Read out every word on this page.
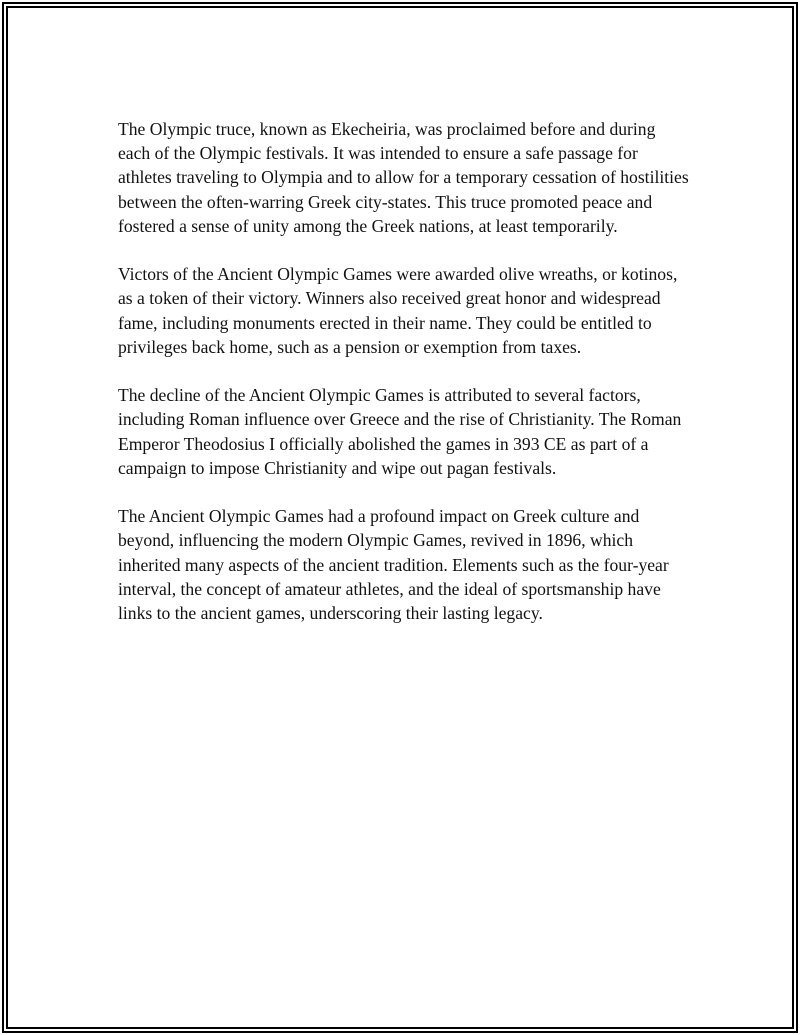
The Olympic truce, known as Ekecheiria, was proclaimed before and during each of the Olympic festivals. It was intended to ensure a safe passage for athletes traveling to Olympia and to allow for a temporary cessation of hostilities between the often-warring Greek city-states. This truce promoted peace and fostered a sense of unity among the Greek nations, at least temporarily.

Victors of the Ancient Olympic Games were awarded olive wreaths, or kotinos, as a token of their victory. Winners also received great honor and widespread fame, including monuments erected in their name. They could be entitled to privileges back home, such as a pension or exemption from taxes.

The decline of the Ancient Olympic Games is attributed to several factors, including Roman influence over Greece and the rise of Christianity. The Roman Emperor Theodosius I officially abolished the games in 393 CE as part of a campaign to impose Christianity and wipe out pagan festivals.

The Ancient Olympic Games had a profound impact on Greek culture and beyond, influencing the modern Olympic Games, revived in 1896, which inherited many aspects of the ancient tradition. Elements such as the four-year interval, the concept of amateur athletes, and the ideal of sportsmanship have links to the ancient games, underscoring their lasting legacy.
